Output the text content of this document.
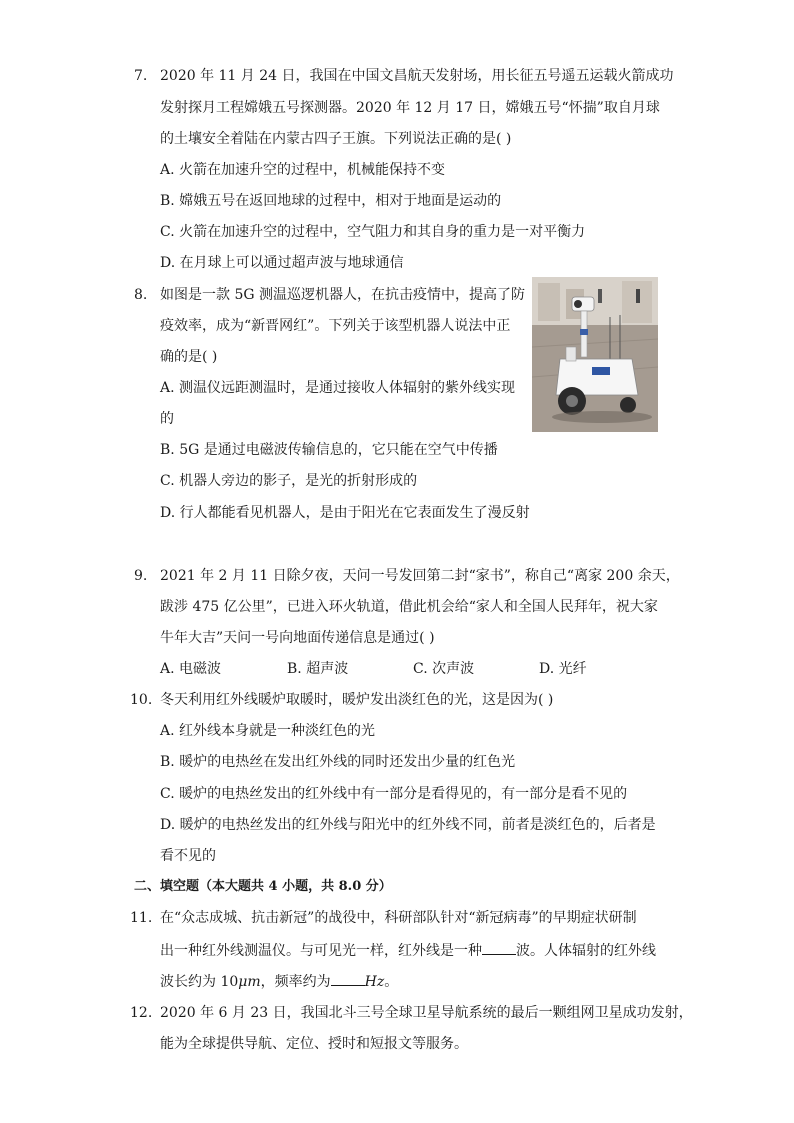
7. 2020 年 11 月 24 日，我国在中国文昌航天发射场，用长征五号遥五运载火箭成功
发射探月工程嫦娥五号探测器。2020 年 12 月 17 日，嫦娥五号“怀揣”取自月球
的土壤安全着陆在内蒙古四子王旗。下列说法正确的是( )
A. 火箭在加速升空的过程中，机械能保持不变
B. 嫦娥五号在返回地球的过程中，相对于地面是运动的
C. 火箭在加速升空的过程中，空气阻力和其自身的重力是一对平衡力
D. 在月球上可以通过超声波与地球通信
8. 如图是一款 5G 测温巡逻机器人，在抗击疫情中，提高了防
疫效率，成为“新晋网红”。下列关于该型机器人说法中正
确的是( )
A. 测温仪远距测温时，是通过接收人体辐射的紫外线实现
的
B. 5G 是通过电磁波传输信息的，它只能在空气中传播
C. 机器人旁边的影子，是光的折射形成的
D. 行人都能看见机器人，是由于阳光在它表面发生了漫反射
9. 2021 年 2 月 11 日除夕夜，天问一号发回第二封“家书”，称自己“离家 200 余天，
跋涉 475 亿公里”，已进入环火轨道，借此机会给“家人和全国人民拜年，祝大家
牛年大吉”天问一号向地面传递信息是通过( )
A. 电磁波	B. 超声波	C. 次声波	D. 光纤
10. 冬天利用红外线暖炉取暖时，暖炉发出淡红色的光，这是因为( )
A. 红外线本身就是一种淡红色的光
B. 暖炉的电热丝在发出红外线的同时还发出少量的红色光
C. 暖炉的电热丝发出的红外线中有一部分是看得见的，有一部分是看不见的
D. 暖炉的电热丝发出的红外线与阳光中的红外线不同，前者是淡红色的，后者是
看不见的
二、填空题（本大题共 4 小题，共 8.0 分）
11. 在“众志成城、抗击新冠”的战役中，科研部队针对“新冠病毒”的早期症状研制
出一种红外线测温仪。与可见光一样，红外线是一种 波。人体辐射的红外线
波长约为 10μm，频率约为 Hz。
12. 2020 年 6 月 23 日，我国北斗三号全球卫星导航系统的最后一颗组网卫星成功发射，
能为全球提供导航、定位、授时和短报文等服务。
